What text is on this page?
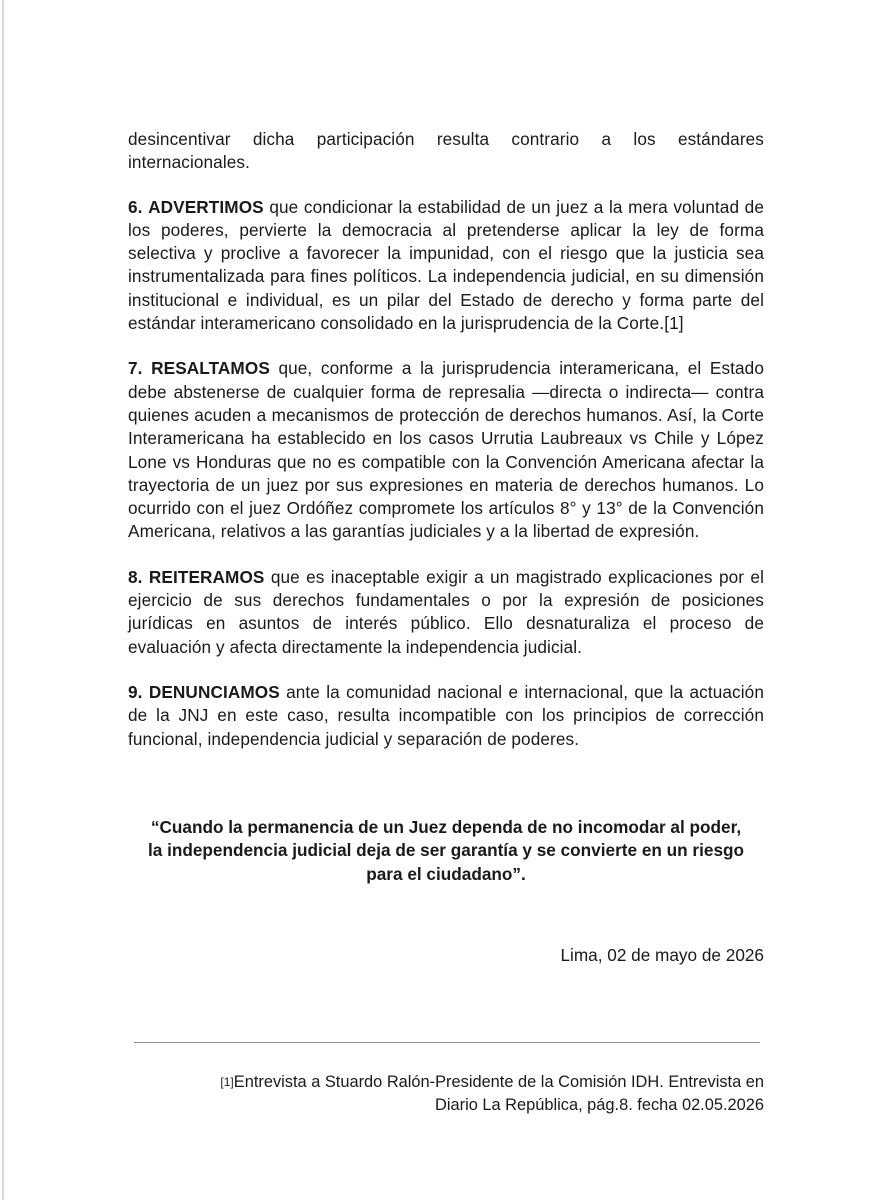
desincentivar dicha participación resulta contrario a los estándares internacionales.

6. ADVERTIMOS que condicionar la estabilidad de un juez a la mera voluntad de los poderes, pervierte la democracia al pretenderse aplicar la ley de forma selectiva y proclive a favorecer la impunidad, con el riesgo que la justicia sea instrumentalizada para fines políticos. La independencia judicial, en su dimensión institucional e individual, es un pilar del Estado de derecho y forma parte del estándar interamericano consolidado en la jurisprudencia de la Corte.[1]

7. RESALTAMOS que, conforme a la jurisprudencia interamericana, el Estado debe abstenerse de cualquier forma de represalia —directa o indirecta— contra quienes acuden a mecanismos de protección de derechos humanos. Así, la Corte Interamericana ha establecido en los casos Urrutia Laubreaux vs Chile y López Lone vs Honduras que no es compatible con la Convención Americana afectar la trayectoria de un juez por sus expresiones en materia de derechos humanos. Lo ocurrido con el juez Ordóñez compromete los artículos 8° y 13° de la Convención Americana, relativos a las garantías judiciales y a la libertad de expresión.

8. REITERAMOS que es inaceptable exigir a un magistrado explicaciones por el ejercicio de sus derechos fundamentales o por la expresión de posiciones jurídicas en asuntos de interés público. Ello desnaturaliza el proceso de evaluación y afecta directamente la independencia judicial.

9. DENUNCIAMOS ante la comunidad nacional e internacional, que la actuación de la JNJ en este caso, resulta incompatible con los principios de corrección funcional, independencia judicial y separación de poderes.

“Cuando la permanencia de un Juez dependa de no incomodar al poder,
la independencia judicial deja de ser garantía y se convierte en un riesgo
para el ciudadano”.
Lima, 02 de mayo de 2026
[1]Entrevista a Stuardo Ralón-Presidente de la Comisión IDH. Entrevista en
Diario La República, pág.8. fecha 02.05.2026
